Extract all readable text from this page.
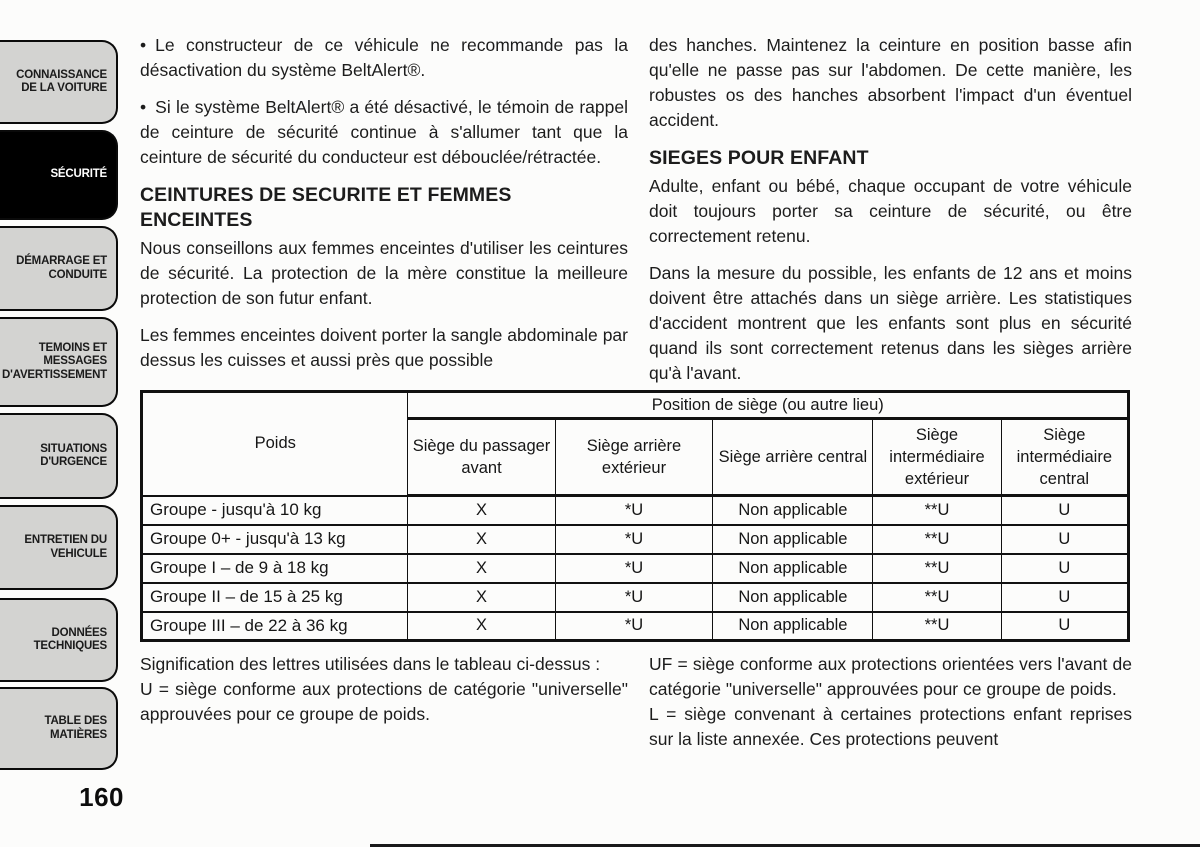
CONNAISSANCE DE LA VOITURE
SÉCURITÉ
DÉMARRAGE ET CONDUITE
TEMOINS ET MESSAGES D'AVERTISSEMENT
SITUATIONS D'URGENCE
ENTRETIEN DU VEHICULE
DONNÉES TECHNIQUES
TABLE DES MATIÈRES

• Le constructeur de ce véhicule ne recommande pas la désactivation du système BeltAlert®.

• Si le système BeltAlert® a été désactivé, le témoin de rappel de ceinture de sécurité continue à s'allumer tant que la ceinture de sécurité du conducteur est débouclée/rétractée.

CEINTURES DE SECURITE ET FEMMES ENCEINTES

Nous conseillons aux femmes enceintes d'utiliser les ceintures de sécurité. La protection de la mère constitue la meilleure protection de son futur enfant.

Les femmes enceintes doivent porter la sangle abdominale par dessus les cuisses et aussi près que possible

des hanches. Maintenez la ceinture en position basse afin qu'elle ne passe pas sur l'abdomen. De cette manière, les robustes os des hanches absorbent l'impact d'un éventuel accident.

SIEGES POUR ENFANT

Adulte, enfant ou bébé, chaque occupant de votre véhicule doit toujours porter sa ceinture de sécurité, ou être correctement retenu.

Dans la mesure du possible, les enfants de 12 ans et moins doivent être attachés dans un siège arrière. Les statistiques d'accident montrent que les enfants sont plus en sécurité quand ils sont correctement retenus dans les sièges arrière qu'à l'avant.

Poids	Position de siège (ou autre lieu)				
	Siège du passager avant	Siège arrière extérieur	Siège arrière central	Siège intermédiaire extérieur	Siège intermédiaire central
Groupe - jusqu'à 10 kg	X	*U	Non applicable	**U	U
Groupe 0+ - jusqu'à 13 kg	X	*U	Non applicable	**U	U
Groupe I – de 9 à 18 kg	X	*U	Non applicable	**U	U
Groupe II – de 15 à 25 kg	X	*U	Non applicable	**U	U
Groupe III – de 22 à 36 kg	X	*U	Non applicable	**U	U

Signification des lettres utilisées dans le tableau ci-dessus :

U = siège conforme aux protections de catégorie "universelle" approuvées pour ce groupe de poids.

UF = siège conforme aux protections orientées vers l'avant de catégorie "universelle" approuvées pour ce groupe de poids.

L = siège convenant à certaines protections enfant reprises sur la liste annexée. Ces protections peuvent

160
